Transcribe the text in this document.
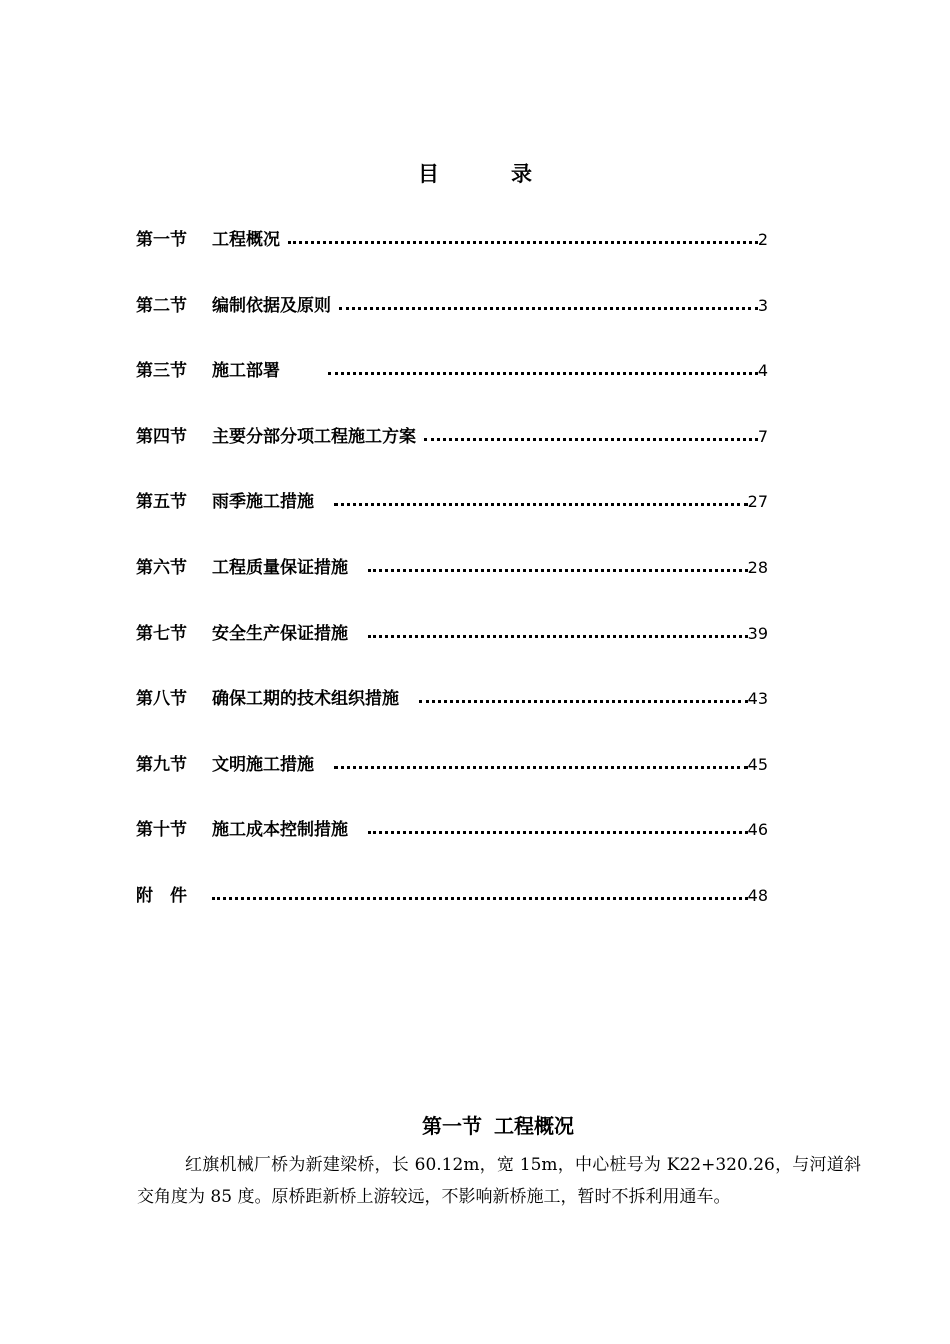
目	录
第一节	工程概况	2
第二节	编制依据及原则	3
第三节	施工部署	4
第四节	主要分部分项工程施工方案	7
第五节	雨季施工措施	27
第六节	工程质量保证措施	28
第七节	安全生产保证措施	39
第八节	确保工期的技术组织措施	43
第九节	文明施工措施	45
第十节	施工成本控制措施	46
附　件	48
第一节 工程概况

红旗机械厂桥为新建梁桥，长 60.12m，宽 15m，中心桩号为 K22+320.26，与河道斜交角度为 85 度。原桥距新桥上游较远，不影响新桥施工，暂时不拆利用通车。
